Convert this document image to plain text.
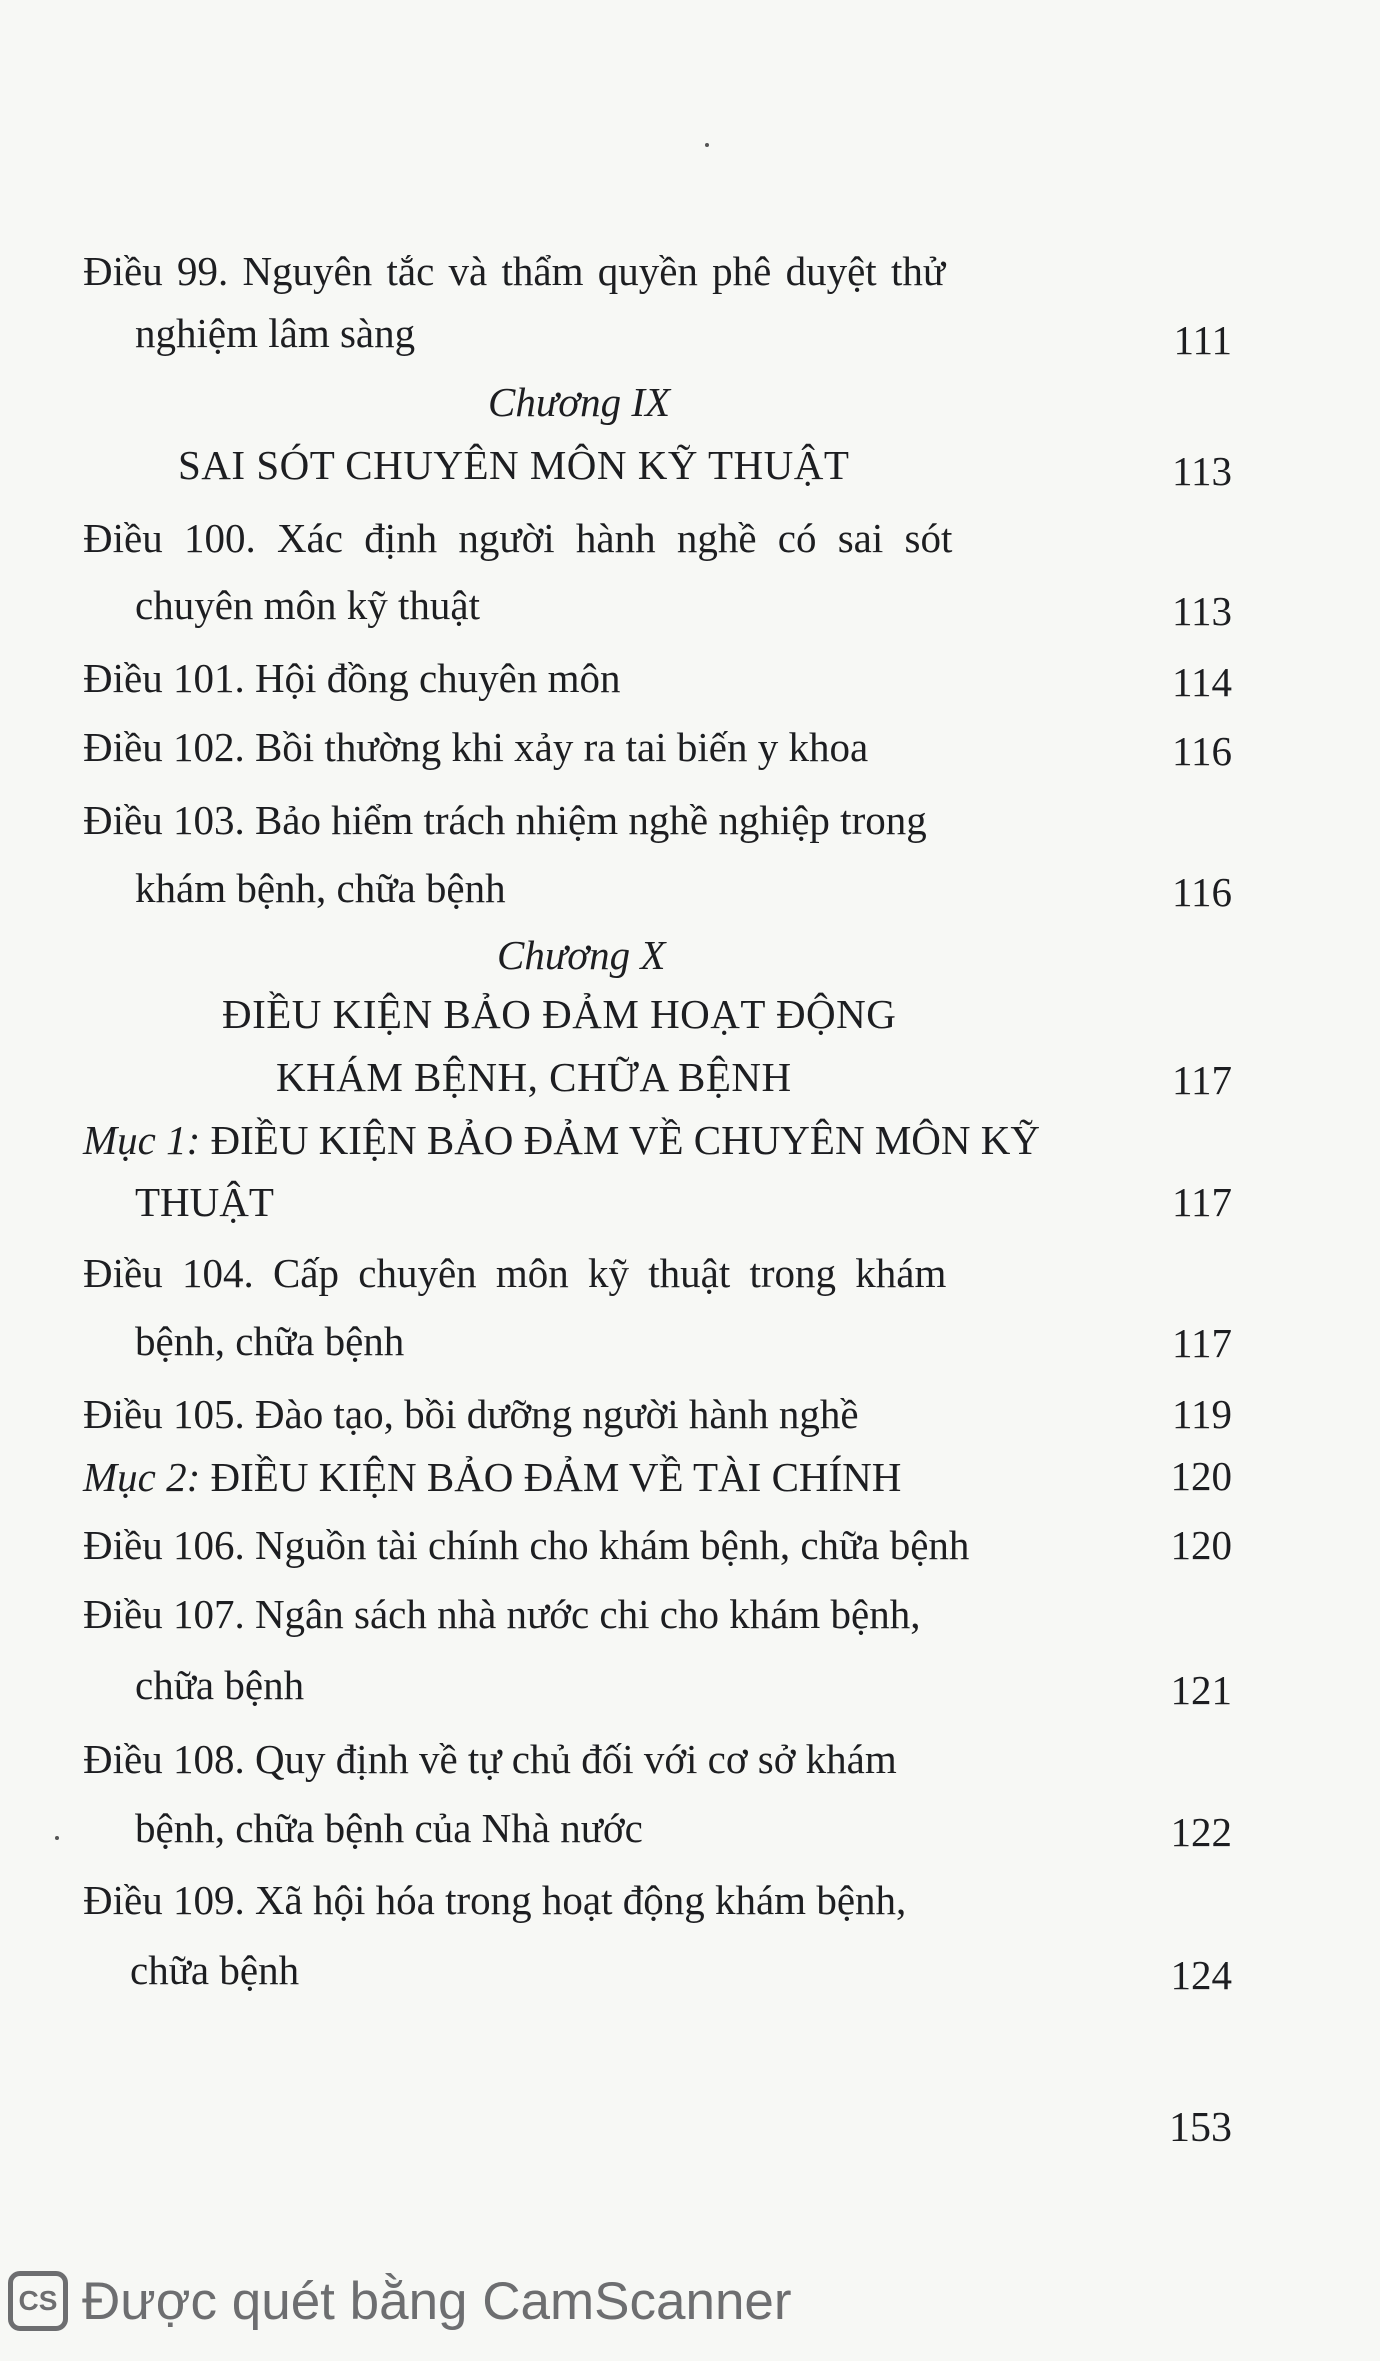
Điều 99. Nguyên tắc và thẩm quyền phê duyệt thử
nghiệm lâm sàng	111
Chương IX
SAI SÓT CHUYÊN MÔN KỸ THUẬT	113
Điều 100. Xác định người hành nghề có sai sót
chuyên môn kỹ thuật	113
Điều 101. Hội đồng chuyên môn	114
Điều 102. Bồi thường khi xảy ra tai biến y khoa	116
Điều 103. Bảo hiểm trách nhiệm nghề nghiệp trong
khám bệnh, chữa bệnh	116
Chương X
ĐIỀU KIỆN BẢO ĐẢM HOẠT ĐỘNG
KHÁM BỆNH, CHỮA BỆNH	117
Mục 1: ĐIỀU KIỆN BẢO ĐẢM VỀ CHUYÊN MÔN KỸ
THUẬT	117
Điều 104. Cấp chuyên môn kỹ thuật trong khám
bệnh, chữa bệnh	117
Điều 105. Đào tạo, bồi dưỡng người hành nghề	119
Mục 2: ĐIỀU KIỆN BẢO ĐẢM VỀ TÀI CHÍNH	120
Điều 106. Nguồn tài chính cho khám bệnh, chữa bệnh	120
Điều 107. Ngân sách nhà nước chi cho khám bệnh,
chữa bệnh	121
Điều 108. Quy định về tự chủ đối với cơ sở khám
bệnh, chữa bệnh của Nhà nước	122
Điều 109. Xã hội hóa trong hoạt động khám bệnh,
chữa bệnh	124
153
CS Được quét bằng CamScanner
